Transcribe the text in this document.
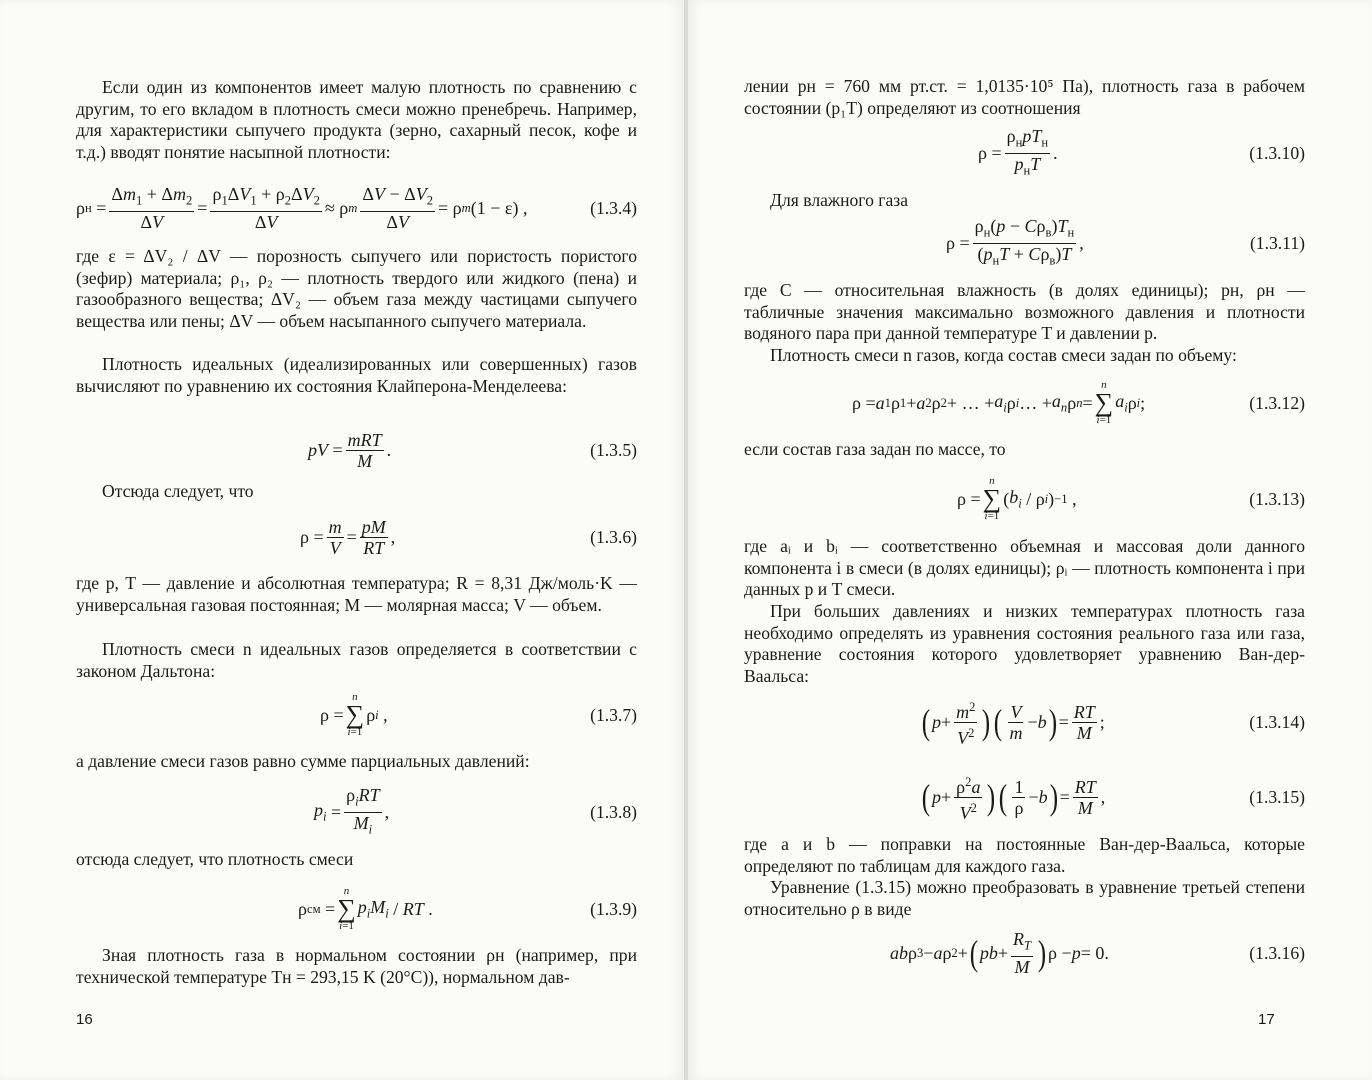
Если один из компонентов имеет малую плотность по сравнению с другим, то его вкладом в плотность смеси можно пренебречь. Например, для характеристики сыпучего продукта (зерно, сахарный песок, кофе и т.д.) вводят понятие насыпной плотности:

ρ н =
$\Delta m_1 + \Delta m_2$
ΔV
=
$\rho_1\Delta V_1 + \rho_2\Delta V_2$
ΔV
≈ ρ m
$\Delta V - \Delta V_2$
ΔV
= ρ m (1 − ε) ,	(1.3.4)

где ε = ΔV₂ / ΔV — порозность сыпучего или пористость пористого (зефир) материала; ρ₁, ρ₂ — плотность твердого или жидкого (пена) и газообразного вещества; ΔV₂ — объем газа между частицами сыпучего вещества или пены; ΔV — объем насыпанного сыпучего материала.

Плотность идеальных (идеализированных или совершенных) газов вычисляют по уравнению их состояния Клайперона-Менделеева:

pV = mRT
M
.	(1.3.5)

Отсюда следует, что

ρ = m
V
= pM
RT
,	(1.3.6)

где p, T — давление и абсолютная температура; R = 8,31 Дж/моль·K — универсальная газовая постоянная; M — молярная масса; V — объем.

Плотность смеси n идеальных газов определяется в соответствии с законом Дальтона:

ρ =
n
∑
i=1
ρ i ,	(1.3.7)

а давление смеси газов равно сумме парциальных давлений:

$p_i$ =
$\rho_iRT$
$M_i$
,	(1.3.8)

отсюда следует, что плотность смеси

ρ см =
n
∑
i=1
$p_iM_i$ / RT .	(1.3.9)

Зная плотность газа в нормальном состоянии ρн (например, при технической температуре Tн = 293,15 K (20°C)), нормальном дав-

16

лении pн = 760 мм рт.ст. = 1,0135·10⁵ Па), плотность газа в рабочем состоянии (p₁T) определяют из соотношения

ρ =
$\rho_нpT_н$
$p_нT$
.	(1.3.10)

Для влажного газа

ρ =
$\rho_н(p - C\rho_в)T_н$
$(p_нT + C\rho_в)T$
,	(1.3.11)

где C — относительная влажность (в долях единицы); pн, ρн — табличные значения максимально возможного давления и плотности водяного пара при данной температуре T и давлении p.

Плотность смеси n газов, когда состав смеси задан по объему:

ρ = a 1 ρ 1 + a 2 ρ 2 + … + $a_i$ ρ i … + $a_n$ ρ n =
n
∑
i=1
$a_i$ ρ i ;	(1.3.12)

если состав газа задан по массе, то

ρ =
n
∑
i=1
( $b_i$ / ρ i ) −1 ,	(1.3.13)

где aᵢ и bᵢ — соответственно объемная и массовая доли данного компонента i в смеси (в долях единицы); ρᵢ — плотность компонента i при данных p и T смеси.

При больших давлениях и низких температурах плотность газа необходимо определять из уравнения состояния реального газа или газа, уравнение состояния которого удовлетворяет уравнению Ван-дер-Ваальса:

( $p + m^2$
$V^2$ ) ( V
m
− b ) = RT
M
;	(1.3.14)
( $p + \rho^2a$
$V^2$ ) ( 1
ρ
− b ) = RT
M
,	(1.3.15)

где a и b — поправки на постоянные Ван-дер-Ваальса, которые определяют по таблицам для каждого газа.

Уравнение (1.3.15) можно преобразовать в уравнение третьей степени относительно ρ в виде

ab ρ 3 − a ρ 2 + ( pb +
$R_T$
M ) ρ − p = 0.	(1.3.16)
17
